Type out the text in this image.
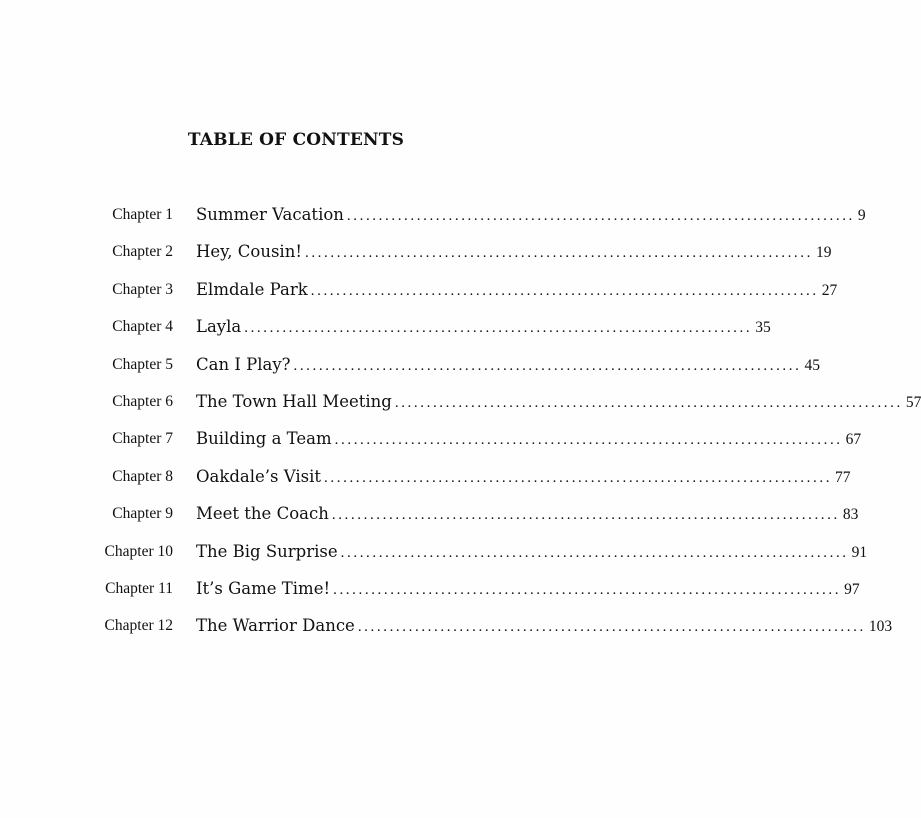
TABLE OF CONTENTS
Chapter 1 Summer Vacation ................................................................................ 9
Chapter 2 Hey, Cousin! ................................................................................ 19
Chapter 3 Elmdale Park ................................................................................ 27
Chapter 4 Layla ................................................................................ 35
Chapter 5 Can I Play? ................................................................................ 45
Chapter 6 The Town Hall Meeting ................................................................................ 57
Chapter 7 Building a Team ................................................................................ 67
Chapter 8 Oakdale’s Visit ................................................................................ 77
Chapter 9 Meet the Coach ................................................................................ 83
Chapter 10 The Big Surprise ................................................................................ 91
Chapter 11 It’s Game Time! ................................................................................ 97
Chapter 12 The Warrior Dance ................................................................................ 103
